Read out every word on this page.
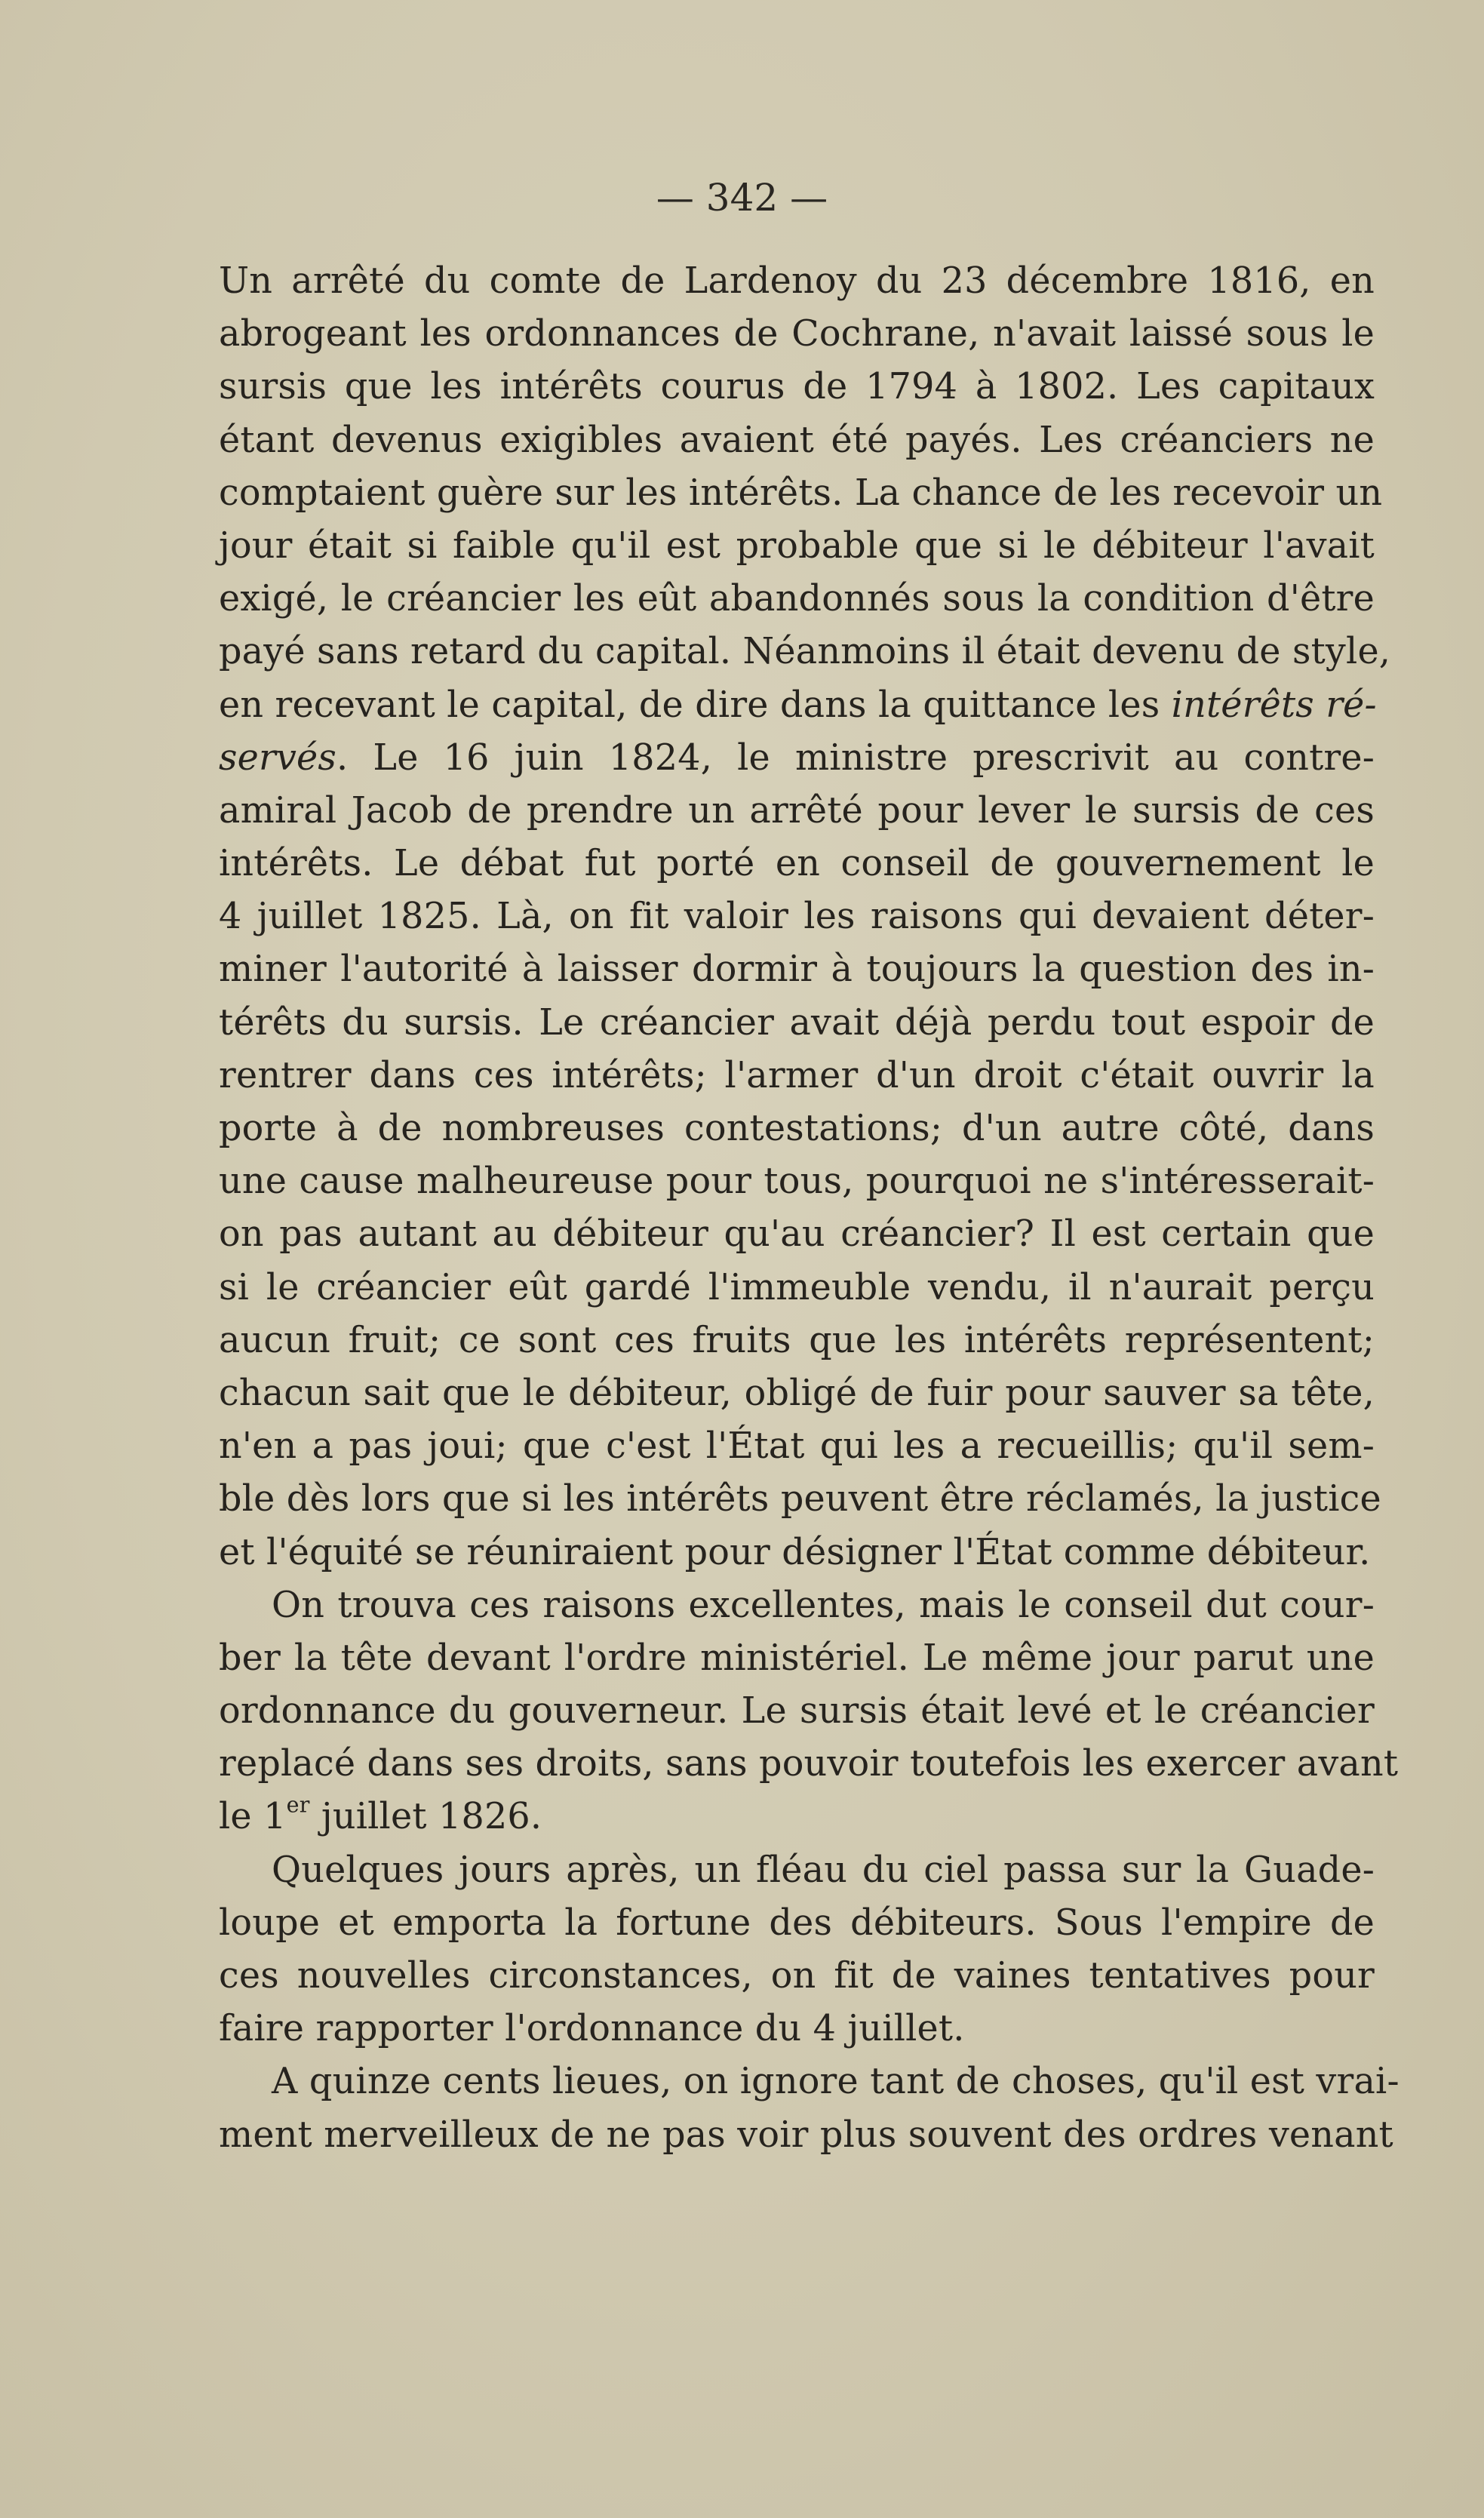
— 342 —

Un arrêté du comte de Lardenoy du 23 décembre 1816, en
abrogeant les ordonnances de Cochrane, n'avait laissé sous le
sursis que les intérêts courus de 1794 à 1802. Les capitaux
étant devenus exigibles avaient été payés. Les créanciers ne
comptaient guère sur les intérêts. La chance de les recevoir un
jour était si faible qu'il est probable que si le débiteur l'avait
exigé, le créancier les eût abandonnés sous la condition d'être
payé sans retard du capital. Néanmoins il était devenu de style,
en recevant le capital, de dire dans la quittance les intérêts ré-
servés. Le 16 juin 1824, le ministre prescrivit au contre-
amiral Jacob de prendre un arrêté pour lever le sursis de ces
intérêts. Le débat fut porté en conseil de gouvernement le
4 juillet 1825. Là, on fit valoir les raisons qui devaient déter-
miner l'autorité à laisser dormir à toujours la question des in-
térêts du sursis. Le créancier avait déjà perdu tout espoir de
rentrer dans ces intérêts; l'armer d'un droit c'était ouvrir la
porte à de nombreuses contestations; d'un autre côté, dans
une cause malheureuse pour tous, pourquoi ne s'intéresserait-
on pas autant au débiteur qu'au créancier? Il est certain que
si le créancier eût gardé l'immeuble vendu, il n'aurait perçu
aucun fruit; ce sont ces fruits que les intérêts représentent;
chacun sait que le débiteur, obligé de fuir pour sauver sa tête,
n'en a pas joui; que c'est l'État qui les a recueillis; qu'il sem-
ble dès lors que si les intérêts peuvent être réclamés, la justice
et l'équité se réuniraient pour désigner l'État comme débiteur.
On trouva ces raisons excellentes, mais le conseil dut cour-
ber la tête devant l'ordre ministériel. Le même jour parut une
ordonnance du gouverneur. Le sursis était levé et le créancier
replacé dans ses droits, sans pouvoir toutefois les exercer avant
le 1er juillet 1826.
Quelques jours après, un fléau du ciel passa sur la Guade-
loupe et emporta la fortune des débiteurs. Sous l'empire de
ces nouvelles circonstances, on fit de vaines tentatives pour
faire rapporter l'ordonnance du 4 juillet.
A quinze cents lieues, on ignore tant de choses, qu'il est vrai-
ment merveilleux de ne pas voir plus souvent des ordres venant
